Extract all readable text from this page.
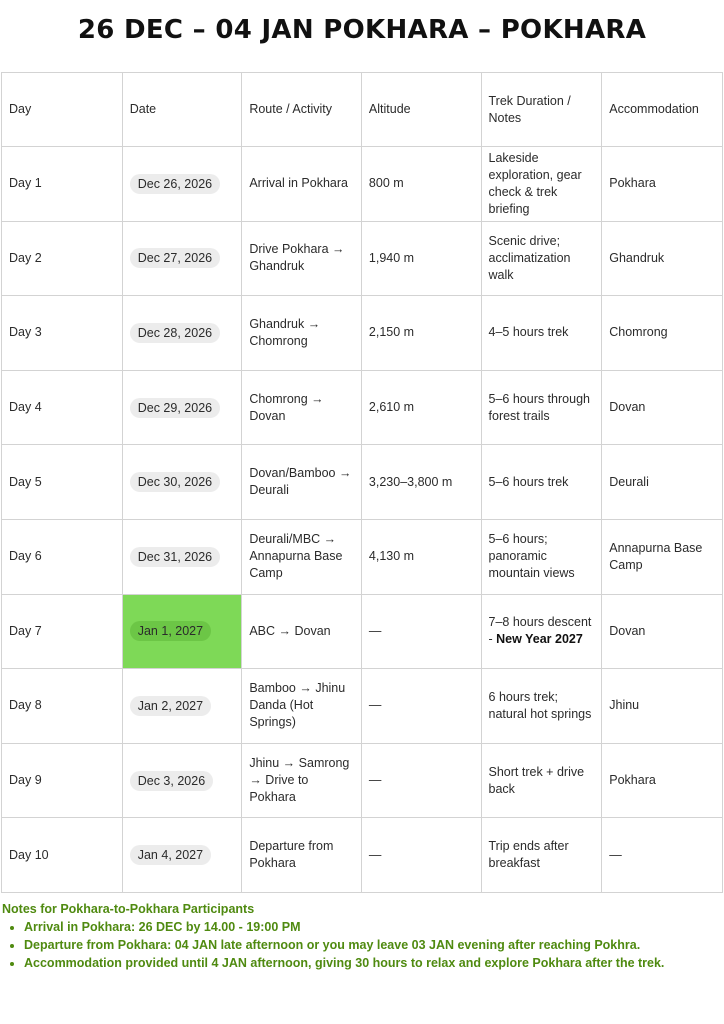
26 DEC – 04 JAN POKHARA – POKHARA
Day	Date	Route / Activity	Altitude	Trek Duration / Notes	Accommodation
Day 1	Dec 26, 2026	Arrival in Pokhara	800 m	Lakeside exploration, gear check & trek briefing	Pokhara
Day 2	Dec 27, 2026	Drive Pokhara → Ghandruk	1,940 m	Scenic drive; acclimatization walk	Ghandruk
Day 3	Dec 28, 2026	Ghandruk → Chomrong	2,150 m	4–5 hours trek	Chomrong
Day 4	Dec 29, 2026	Chomrong → Dovan	2,610 m	5–6 hours through forest trails	Dovan
Day 5	Dec 30, 2026	Dovan/Bamboo → Deurali	3,230–3,800 m	5–6 hours trek	Deurali
Day 6	Dec 31, 2026	Deurali/MBC → Annapurna Base Camp	4,130 m	5–6 hours; panoramic mountain views	Annapurna Base Camp
Day 7	Jan 1, 2027	ABC → Dovan	—	7–8 hours descent - New Year 2027	Dovan
Day 8	Jan 2, 2027	Bamboo → Jhinu Danda (Hot Springs)	—	6 hours trek; natural hot springs	Jhinu
Day 9	Dec 3, 2026	Jhinu → Samrong → Drive to Pokhara	—	Short trek + drive back	Pokhara
Day 10	Jan 4, 2027	Departure from Pokhara	—	Trip ends after breakfast	—
Notes for Pokhara-to-Pokhara Participants
• Arrival in Pokhara: 26 DEC by 14.00 - 19:00 PM
• Departure from Pokhara: 04 JAN late afternoon or you may leave 03 JAN evening after reaching Pokhra.
• Accommodation provided until 4 JAN afternoon, giving 30 hours to relax and explore Pokhara after the trek.
